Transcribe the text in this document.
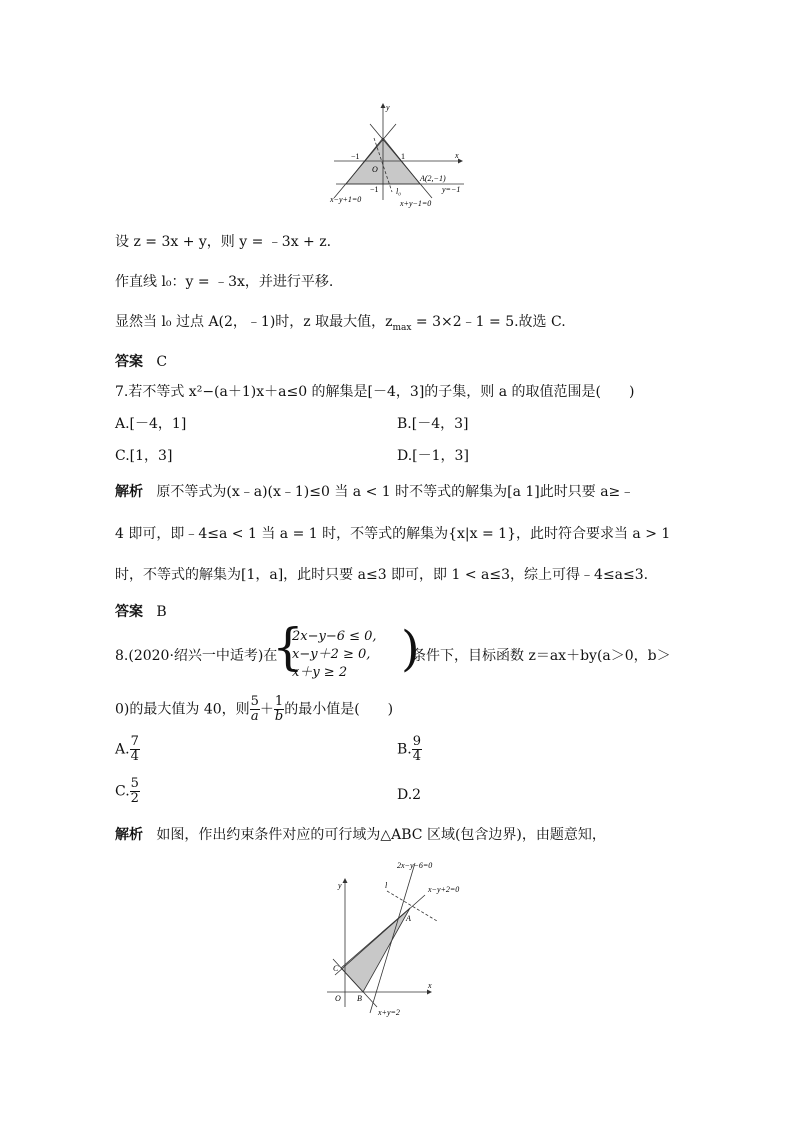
y
x
−1	1
O
−1 l₀
A(2,−1)
y=−1
x−y+1=0	x+y−1=0
设 z = 3x + y，则 y = ﹣3x + z.
作直线 l₀：y = ﹣3x，并进行平移.
显然当 l₀ 过点 A(2，﹣1)时，z 取最大值，$z_{max}$ = 3×2﹣1 = 5.故选 C.
答案 C
7.若不等式 x²−(a＋1)x＋a≤0 的解集是[－4，3]的子集，则 a 的取值范围是(　　)
A.[－4，1]	B.[－4，3]
C.[1，3]	D.[－1，3]
解析 原不等式为(x﹣a)(x﹣1)≤0 当 a < 1 时不等式的解集为[a 1]此时只要 a≥﹣
4 即可，即﹣4≤a < 1 当 a = 1 时，不等式的解集为{x|x = 1}，此时符合要求当 a > 1
时，不等式的解集为[1，a]，此时只要 a≤3 即可，即 1 < a≤3，综上可得﹣4≤a≤3.
答案 B
8.(2020·绍兴一中适考)在
{
2x−y−6 ≤ 0,
x−y＋2 ≥ 0,
x＋y ≥ 2 )
条件下，目标函数 z＝ax＋by(a＞0，b＞
0)的最大值为 40，则 $\frac{5}{a} + \frac{1}{b}$ 的最小值是(　　)
A. $\frac{7}{4}$	B. $\frac{9}{4}$
C. $\frac{5}{2}$	D.2
解析 如图，作出约束条件对应的可行域为△ABC 区域(包含边界)，由题意知，
y
x
O
A
B
C
l
2x−y−6=0
x−y+2=0
x+y=2
